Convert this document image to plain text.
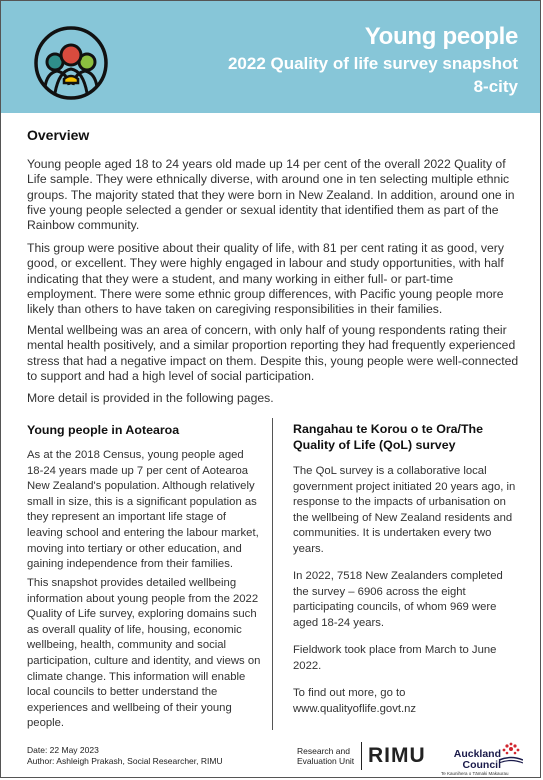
Young people
2022 Quality of life survey snapshot
8-city
Overview

Young people aged 18 to 24 years old made up 14 per cent of the overall 2022 Quality of Life sample. They were ethnically diverse, with around one in ten selecting multiple ethnic groups. The majority stated that they were born in New Zealand. In addition, around one in five young people selected a gender or sexual identity that identified them as part of the Rainbow community.

This group were positive about their quality of life, with 81 per cent rating it as good, very good, or excellent. They were highly engaged in labour and study opportunities, with half indicating that they were a student, and many working in either full- or part-time employment. There were some ethnic group differences, with Pacific young people more likely than others to have taken on caregiving responsibilities in their families.

Mental wellbeing was an area of concern, with only half of young respondents rating their mental health positively, and a similar proportion reporting they had frequently experienced stress that had a negative impact on them. Despite this, young people were well-connected to support and had a high level of social participation.

More detail is provided in the following pages.

Young people in Aotearoa

As at the 2018 Census, young people aged 18-24 years made up 7 per cent of Aotearoa New Zealand's population. Although relatively small in size, this is a significant population as they represent an important life stage of leaving school and entering the labour market, moving into tertiary or other education, and gaining independence from their families.

This snapshot provides detailed wellbeing information about young people from the 2022 Quality of Life survey, exploring domains such as overall quality of life, housing, economic wellbeing, health, community and social participation, culture and identity, and views on climate change. This information will enable local councils to better understand the experiences and wellbeing of their young people.

Rangahau te Korou o te Ora/The

Quality of Life (QoL) survey

The QoL survey is a collaborative local government project initiated 20 years ago, in response to the impacts of urbanisation on the wellbeing of New Zealand residents and communities. It is undertaken every two years.

In 2022, 7518 New Zealanders completed the survey – 6906 across the eight participating councils, of whom 969 were aged 18-24 years.

Fieldwork took place from March to June 2022.

To find out more, go to

www.qualityoflife.govt.nz

Date: 22 May 2023
Author: Ashleigh Prakash, Social Researcher, RIMU
Research and
Evaluation Unit RIMU	Auckland
Council
Te Kaunihera o Tāmaki Makaurau
